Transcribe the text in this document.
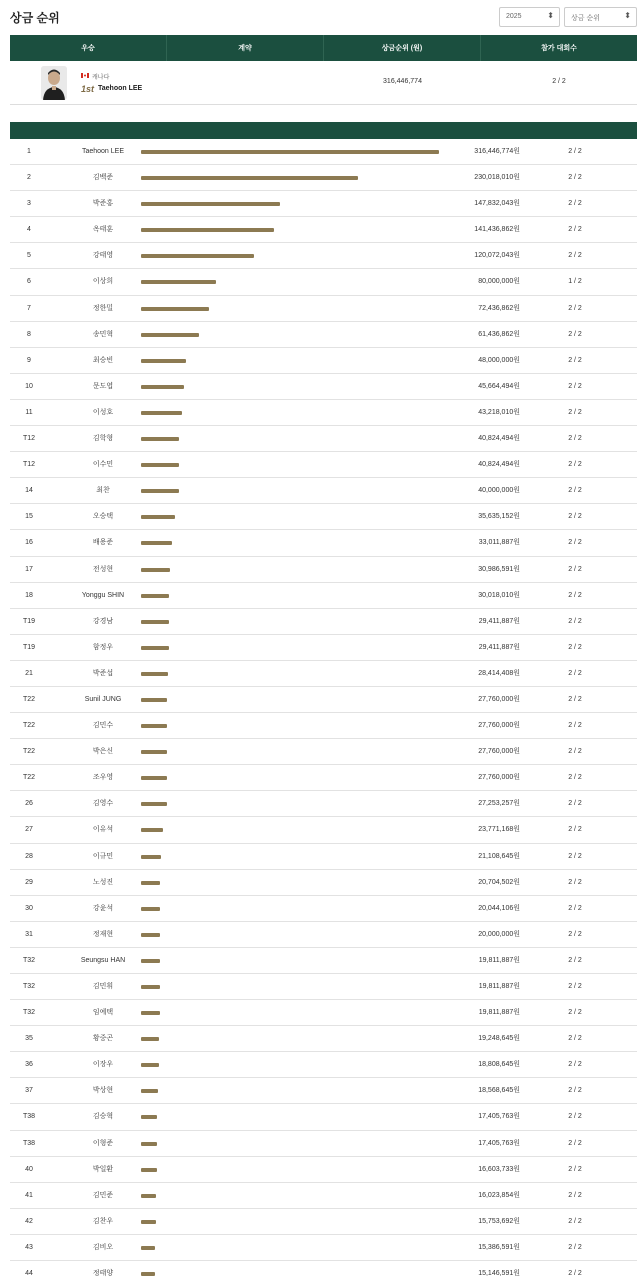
상금 순위	2025	⬍	상금 순위	⬍
우승	계약	상금순위 (원)	참가 대회수
캐나다
1st Taehoon LEE
316,446,774	2 / 2
1	Taehoon LEE	316,446,774원	2 / 2
2	김백준	230,018,010원	2 / 2
3	박준홍	147,832,043원	2 / 2
4	옥태훈	141,436,862원	2 / 2
5	강태영	120,072,043원	2 / 2
6	이상희	80,000,000원	1 / 2
7	정한밀	72,436,862원	2 / 2
8	송민혁	61,436,862원	2 / 2
9	최승빈	48,000,000원	2 / 2
10	문도엽	45,664,494원	2 / 2
11	이성호	43,218,010원	2 / 2
T12	김학형	40,824,494원	2 / 2
T12	이수민	40,824,494원	2 / 2
14	최찬	40,000,000원	2 / 2
15	오승택	35,635,152원	2 / 2
16	배용준	33,011,887원	2 / 2
17	전성현	30,986,591원	2 / 2
18	Yonggu SHIN	30,018,010원	2 / 2
T19	강경남	29,411,887원	2 / 2
T19	함정우	29,411,887원	2 / 2
21	박준섭	28,414,408원	2 / 2
T22	Sunil JUNG	27,760,000원	2 / 2
T22	김민수	27,760,000원	2 / 2
T22	박은신	27,760,000원	2 / 2
T22	조우영	27,760,000원	2 / 2
26	김영수	27,253,257원	2 / 2
27	이유석	23,771,168원	2 / 2
28	이규민	21,108,645원	2 / 2
29	노성진	20,704,502원	2 / 2
30	강윤석	20,044,106원	2 / 2
31	정재현	20,000,000원	2 / 2
T32	Seungsu HAN	19,811,887원	2 / 2
T32	김민휘	19,811,887원	2 / 2
T32	임예택	19,811,887원	2 / 2
35	황중곤	19,248,645원	2 / 2
36	이장우	18,808,645원	2 / 2
37	박상현	18,568,645원	2 / 2
T38	김승혁	17,405,763원	2 / 2
T38	이형준	17,405,763원	2 / 2
40	박일환	16,603,733원	2 / 2
41	김민준	16,023,854원	2 / 2
42	김찬우	15,753,692원	2 / 2
43	김비오	15,386,591원	2 / 2
44	정태양	15,146,591원	2 / 2
